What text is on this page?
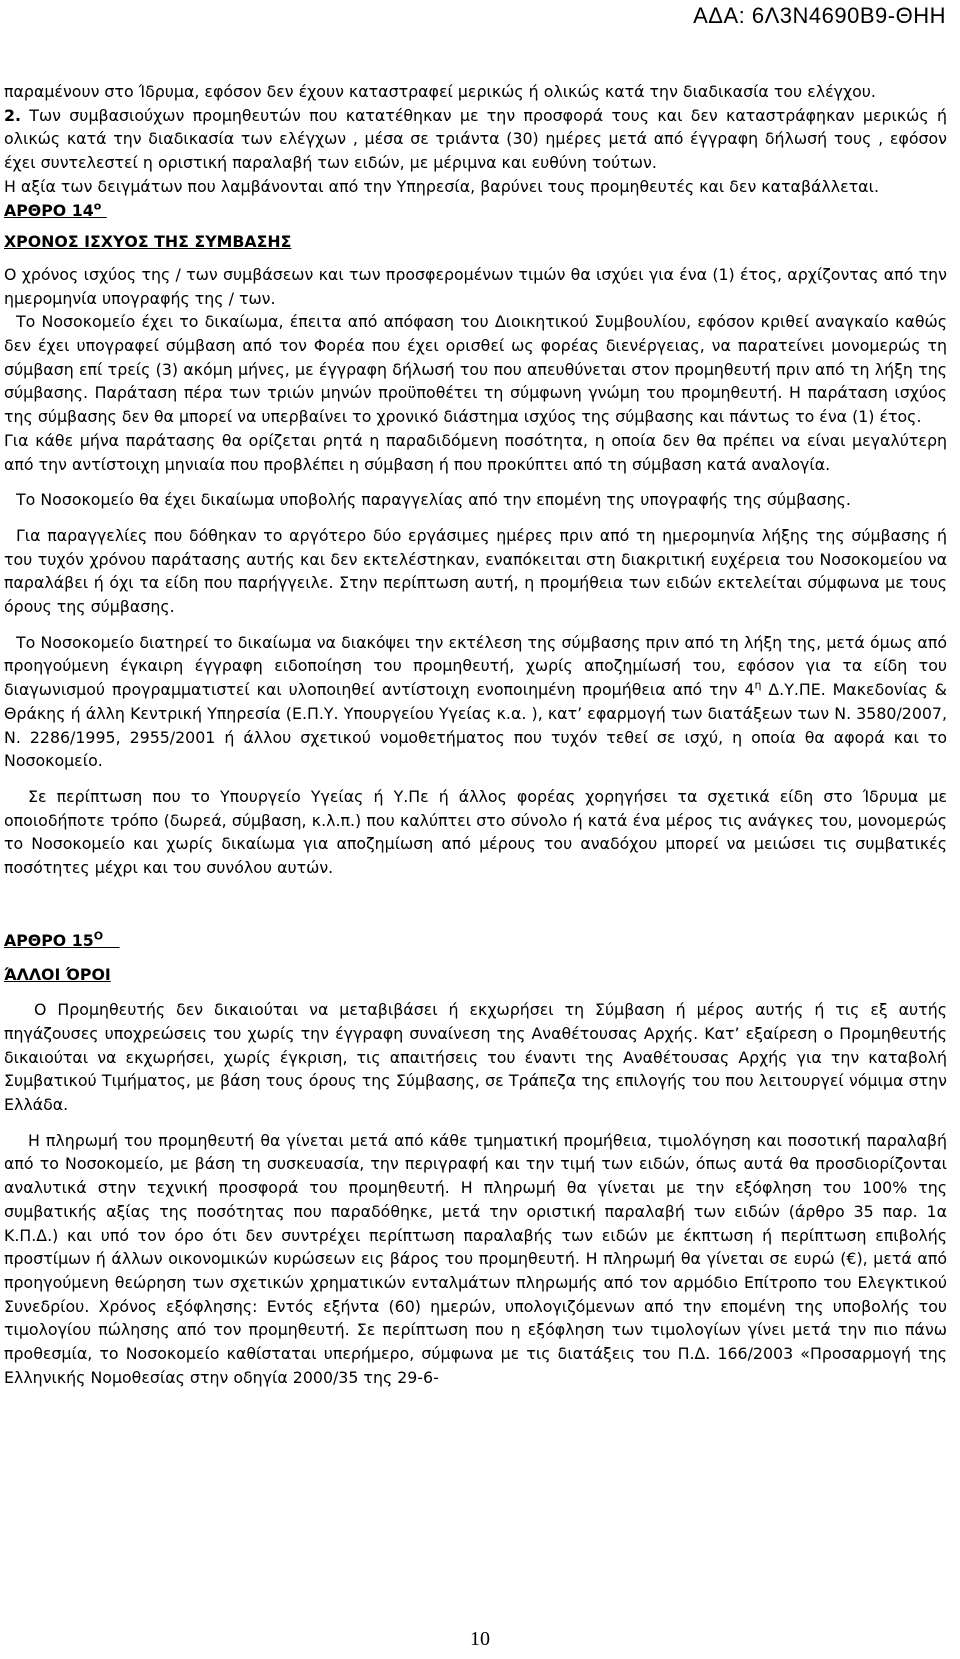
ΑΔΑ: 6Λ3Ν4690Β9-ΘΗΗ

παραμένουν στο Ίδρυμα, εφόσον δεν έχουν καταστραφεί μερικώς ή ολικώς κατά την διαδικασία του ελέγχου.

2. Των συμβασιούχων προμηθευτών που κατατέθηκαν με την προσφορά τους και δεν καταστράφηκαν μερικώς ή ολικώς κατά την διαδικασία των ελέγχων , μέσα σε τριάντα (30) ημέρες μετά από έγγραφη δήλωσή τους , εφόσον έχει συντελεστεί η οριστική παραλαβή των ειδών, με μέριμνα και ευθύνη τούτων.

Η αξία των δειγμάτων που λαμβάνονται από την Υπηρεσία, βαρύνει τους προμηθευτές και δεν καταβάλλεται.

ΑΡΘΡΟ $14^o$

ΧΡΟΝΟΣ ΙΣΧΥΟΣ ΤΗΣ ΣΥΜΒΑΣΗΣ

Ο χρόνος ισχύος της / των συμβάσεων και των προσφερομένων τιμών θα ισχύει για ένα (1) έτος, αρχίζοντας από την ημερομηνία υπογραφής της / των.

Το Νοσοκομείο έχει το δικαίωμα, έπειτα από απόφαση του Διοικητικού Συμβουλίου, εφόσον κριθεί αναγκαίο καθώς δεν έχει υπογραφεί σύμβαση από τον Φορέα που έχει ορισθεί ως φορέας διενέργειας, να παρατείνει μονομερώς τη σύμβαση επί τρείς (3) ακόμη μήνες, με έγγραφη δήλωσή του που απευθύνεται στον προμηθευτή πριν από τη λήξη της σύμβασης. Παράταση πέρα των τριών μηνών προϋποθέτει τη σύμφωνη γνώμη του προμηθευτή. Η παράταση ισχύος της σύμβασης δεν θα μπορεί να υπερβαίνει το χρονικό διάστημα ισχύος της σύμβασης και πάντως το ένα (1) έτος.

Για κάθε μήνα παράτασης θα ορίζεται ρητά η παραδιδόμενη ποσότητα, η οποία δεν θα πρέπει να είναι μεγαλύτερη από την αντίστοιχη μηνιαία που προβλέπει η σύμβαση ή που προκύπτει από τη σύμβαση κατά αναλογία.

Το Νοσοκομείο θα έχει δικαίωμα υποβολής παραγγελίας από την επομένη της υπογραφής της σύμβασης.

Για παραγγελίες που δόθηκαν το αργότερο δύο εργάσιμες ημέρες πριν από τη ημερομηνία λήξης της σύμβασης ή του τυχόν χρόνου παράτασης αυτής και δεν εκτελέστηκαν, εναπόκειται στη διακριτική ευχέρεια του Νοσοκομείου να παραλάβει ή όχι τα είδη που παρήγγειλε. Στην περίπτωση αυτή, η προμήθεια των ειδών εκτελείται σύμφωνα με τους όρους της σύμβασης.

Το Νοσοκομείο διατηρεί το δικαίωμα να διακόψει την εκτέλεση της σύμβασης πριν από τη λήξη της, μετά όμως από προηγούμενη έγκαιρη έγγραφη ειδοποίηση του προμηθευτή, χωρίς αποζημίωσή του, εφόσον για τα είδη του διαγωνισμού προγραμματιστεί και υλοποιηθεί αντίστοιχη ενοποιημένη προμήθεια από την $4^\eta$ Δ.Υ.ΠΕ. Μακεδονίας & Θράκης ή άλλη Κεντρική Υπηρεσία (Ε.Π.Υ. Υπουργείου Υγείας κ.α. ), κατ’ εφαρμογή των διατάξεων των Ν. 3580/2007, Ν. 2286/1995, 2955/2001 ή άλλου σχετικού νομοθετήματος που τυχόν τεθεί σε ισχύ, η οποία θα αφορά και το Νοσοκομείο.

Σε περίπτωση που το Υπουργείο Υγείας ή Υ.Πε ή άλλος φορέας χορηγήσει τα σχετικά είδη στο Ίδρυμα με οποιοδήποτε τρόπο (δωρεά, σύμβαση, κ.λ.π.) που καλύπτει στο σύνολο ή κατά ένα μέρος τις ανάγκες του, μονομερώς το Νοσοκομείο και χωρίς δικαίωμα για αποζημίωση από μέρους του αναδόχου μπορεί να μειώσει τις συμβατικές ποσότητες μέχρι και του συνόλου αυτών.

ΑΡΘΡΟ $15^O$

ΆΛΛΟΙ ΌΡΟΙ

Ο Προμηθευτής δεν δικαιούται να μεταβιβάσει ή εκχωρήσει τη Σύμβαση ή μέρος αυτής ή τις εξ αυτής πηγάζουσες υποχρεώσεις του χωρίς την έγγραφη συναίνεση της Αναθέτουσας Αρχής. Κατ’ εξαίρεση ο Προμηθευτής δικαιούται να εκχωρήσει, χωρίς έγκριση, τις απαιτήσεις του έναντι της Αναθέτουσας Αρχής για την καταβολή Συμβατικού Τιμήματος, με βάση τους όρους της Σύμβασης, σε Τράπεζα της επιλογής του που λειτουργεί νόμιμα στην Ελλάδα.

Η πληρωμή του προμηθευτή θα γίνεται μετά από κάθε τμηματική προμήθεια, τιμολόγηση και ποσοτική παραλαβή από το Νοσοκομείο, με βάση τη συσκευασία, την περιγραφή και την τιμή των ειδών, όπως αυτά θα προσδιορίζονται αναλυτικά στην τεχνική προσφορά του προμηθευτή. Η πληρωμή θα γίνεται με την εξόφληση του 100% της συμβατικής αξίας της ποσότητας που παραδόθηκε, μετά την οριστική παραλαβή των ειδών (άρθρο 35 παρ. 1α Κ.Π.Δ.) και υπό τον όρο ότι δεν συντρέχει περίπτωση παραλαβής των ειδών με έκπτωση ή περίπτωση επιβολής προστίμων ή άλλων οικονομικών κυρώσεων εις βάρος του προμηθευτή. Η πληρωμή θα γίνεται σε ευρώ (€), μετά από προηγούμενη θεώρηση των σχετικών χρηματικών ενταλμάτων πληρωμής από τον αρμόδιο Επίτροπο του Ελεγκτικού Συνεδρίου. Χρόνος εξόφλησης: Εντός εξήντα (60) ημερών, υπολογιζόμενων από την επομένη της υποβολής του τιμολογίου πώλησης από τον προμηθευτή. Σε περίπτωση που η εξόφληση των τιμολογίων γίνει μετά την πιο πάνω προθεσμία, το Νοσοκομείο καθίσταται υπερήμερο, σύμφωνα με τις διατάξεις του Π.Δ. 166/2003 «Προσαρμογή της Ελληνικής Νομοθεσίας στην οδηγία 2000/35 της 29-6-

10
